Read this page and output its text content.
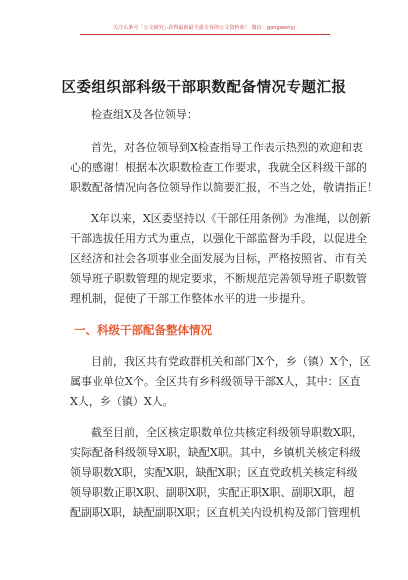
关注头条号「公文研究」·获得最新最全最专业的公文资料库！ 微信：gongwenyj
区委组织部科级干部职数配备情况专题汇报
检查组X及各位领导：
首先，对各位领导到X检查指导工作表示热烈的欢迎和衷
心的感谢！根据本次职数检查工作要求，我就全区科级干部的
职数配备情况向各位领导作以简要汇报，不当之处，敬请指正！
X年以来，X区委坚持以《干部任用条例》为准绳，以创新
干部选拔任用方式为重点，以强化干部监督为手段，以促进全
区经济和社会各项事业全面发展为目标，严格按照省、市有关
领导班子职数管理的规定要求，不断规范完善领导班子职数管
理机制，促使了干部工作整体水平的进一步提升。
一、科级干部配备整体情况
目前，我区共有党政群机关和部门X个，乡（镇）X个，区
属事业单位X个。全区共有乡科级领导干部X人，其中：区直
X人，乡（镇）X人。
截至目前，全区核定职数单位共核定科级领导职数X职，
实际配备科级领导X职，缺配X职。其中，乡镇机关核定科级
领导职数X职，实配X职，缺配X职；区直党政机关核定科级
领导职数正职X职、副职X职，实配正职X职、副职X职，超
配副职X职，缺配副职X职；区直机关内设机构及部门管理机
